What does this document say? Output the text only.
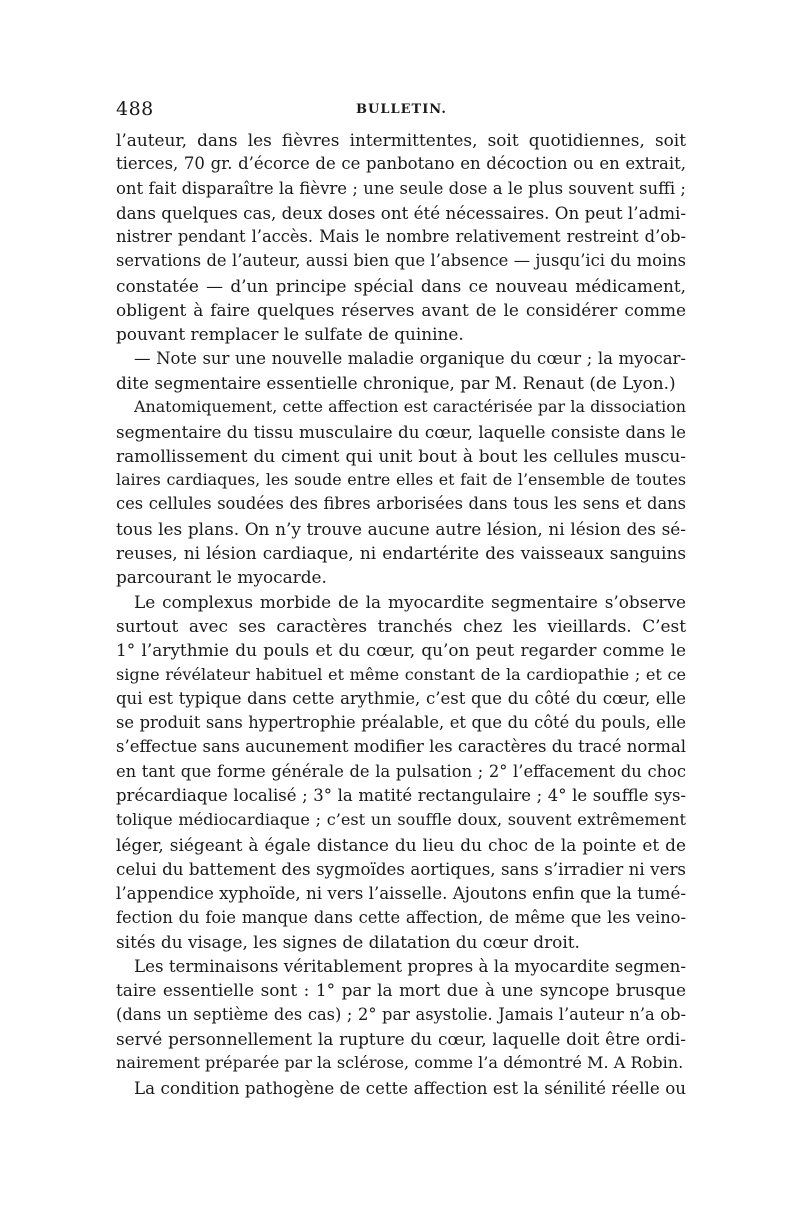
488	BULLETIN.
l’auteur, dans les fièvres intermittentes, soit quotidiennes, soit
tierces, 70 gr. d’écorce de ce panbotano en décoction ou en extrait,
ont fait disparaître la fièvre ; une seule dose a le plus souvent suffi ;
dans quelques cas, deux doses ont été nécessaires. On peut l’admi-
nistrer pendant l’accès. Mais le nombre relativement restreint d’ob-
servations de l’auteur, aussi bien que l’absence — jusqu’ici du moins
constatée — d’un principe spécial dans ce nouveau médicament,
obligent à faire quelques réserves avant de le considérer comme
pouvant remplacer le sulfate de quinine.
— Note sur une nouvelle maladie organique du cœur ; la myocar-
dite segmentaire essentielle chronique, par M. Renaut (de Lyon.)
Anatomiquement, cette affection est caractérisée par la dissociation
segmentaire du tissu musculaire du cœur, laquelle consiste dans le
ramollissement du ciment qui unit bout à bout les cellules muscu-
laires cardiaques, les soude entre elles et fait de l’ensemble de toutes
ces cellules soudées des fibres arborisées dans tous les sens et dans
tous les plans. On n’y trouve aucune autre lésion, ni lésion des sé-
reuses, ni lésion cardiaque, ni endartérite des vaisseaux sanguins
parcourant le myocarde.
Le complexus morbide de la myocardite segmentaire s’observe
surtout avec ses caractères tranchés chez les vieillards. C’est
1° l’arythmie du pouls et du cœur, qu’on peut regarder comme le
signe révélateur habituel et même constant de la cardiopathie ; et ce
qui est typique dans cette arythmie, c’est que du côté du cœur, elle
se produit sans hypertrophie préalable, et que du côté du pouls, elle
s’effectue sans aucunement modifier les caractères du tracé normal
en tant que forme générale de la pulsation ; 2° l’effacement du choc
précardiaque localisé ; 3° la matité rectangulaire ; 4° le souffle sys-
tolique médiocardiaque ; c’est un souffle doux, souvent extrêmement
léger, siégeant à égale distance du lieu du choc de la pointe et de
celui du battement des sygmoïdes aortiques, sans s’irradier ni vers
l’appendice xyphoïde, ni vers l’aisselle. Ajoutons enfin que la tumé-
fection du foie manque dans cette affection, de même que les veino-
sités du visage, les signes de dilatation du cœur droit.
Les terminaisons véritablement propres à la myocardite segmen-
taire essentielle sont : 1° par la mort due à une syncope brusque
(dans un septième des cas) ; 2° par asystolie. Jamais l’auteur n’a ob-
servé personnellement la rupture du cœur, laquelle doit être ordi-
nairement préparée par la sclérose, comme l’a démontré M. A Robin.
La condition pathogène de cette affection est la sénilité réelle ou
